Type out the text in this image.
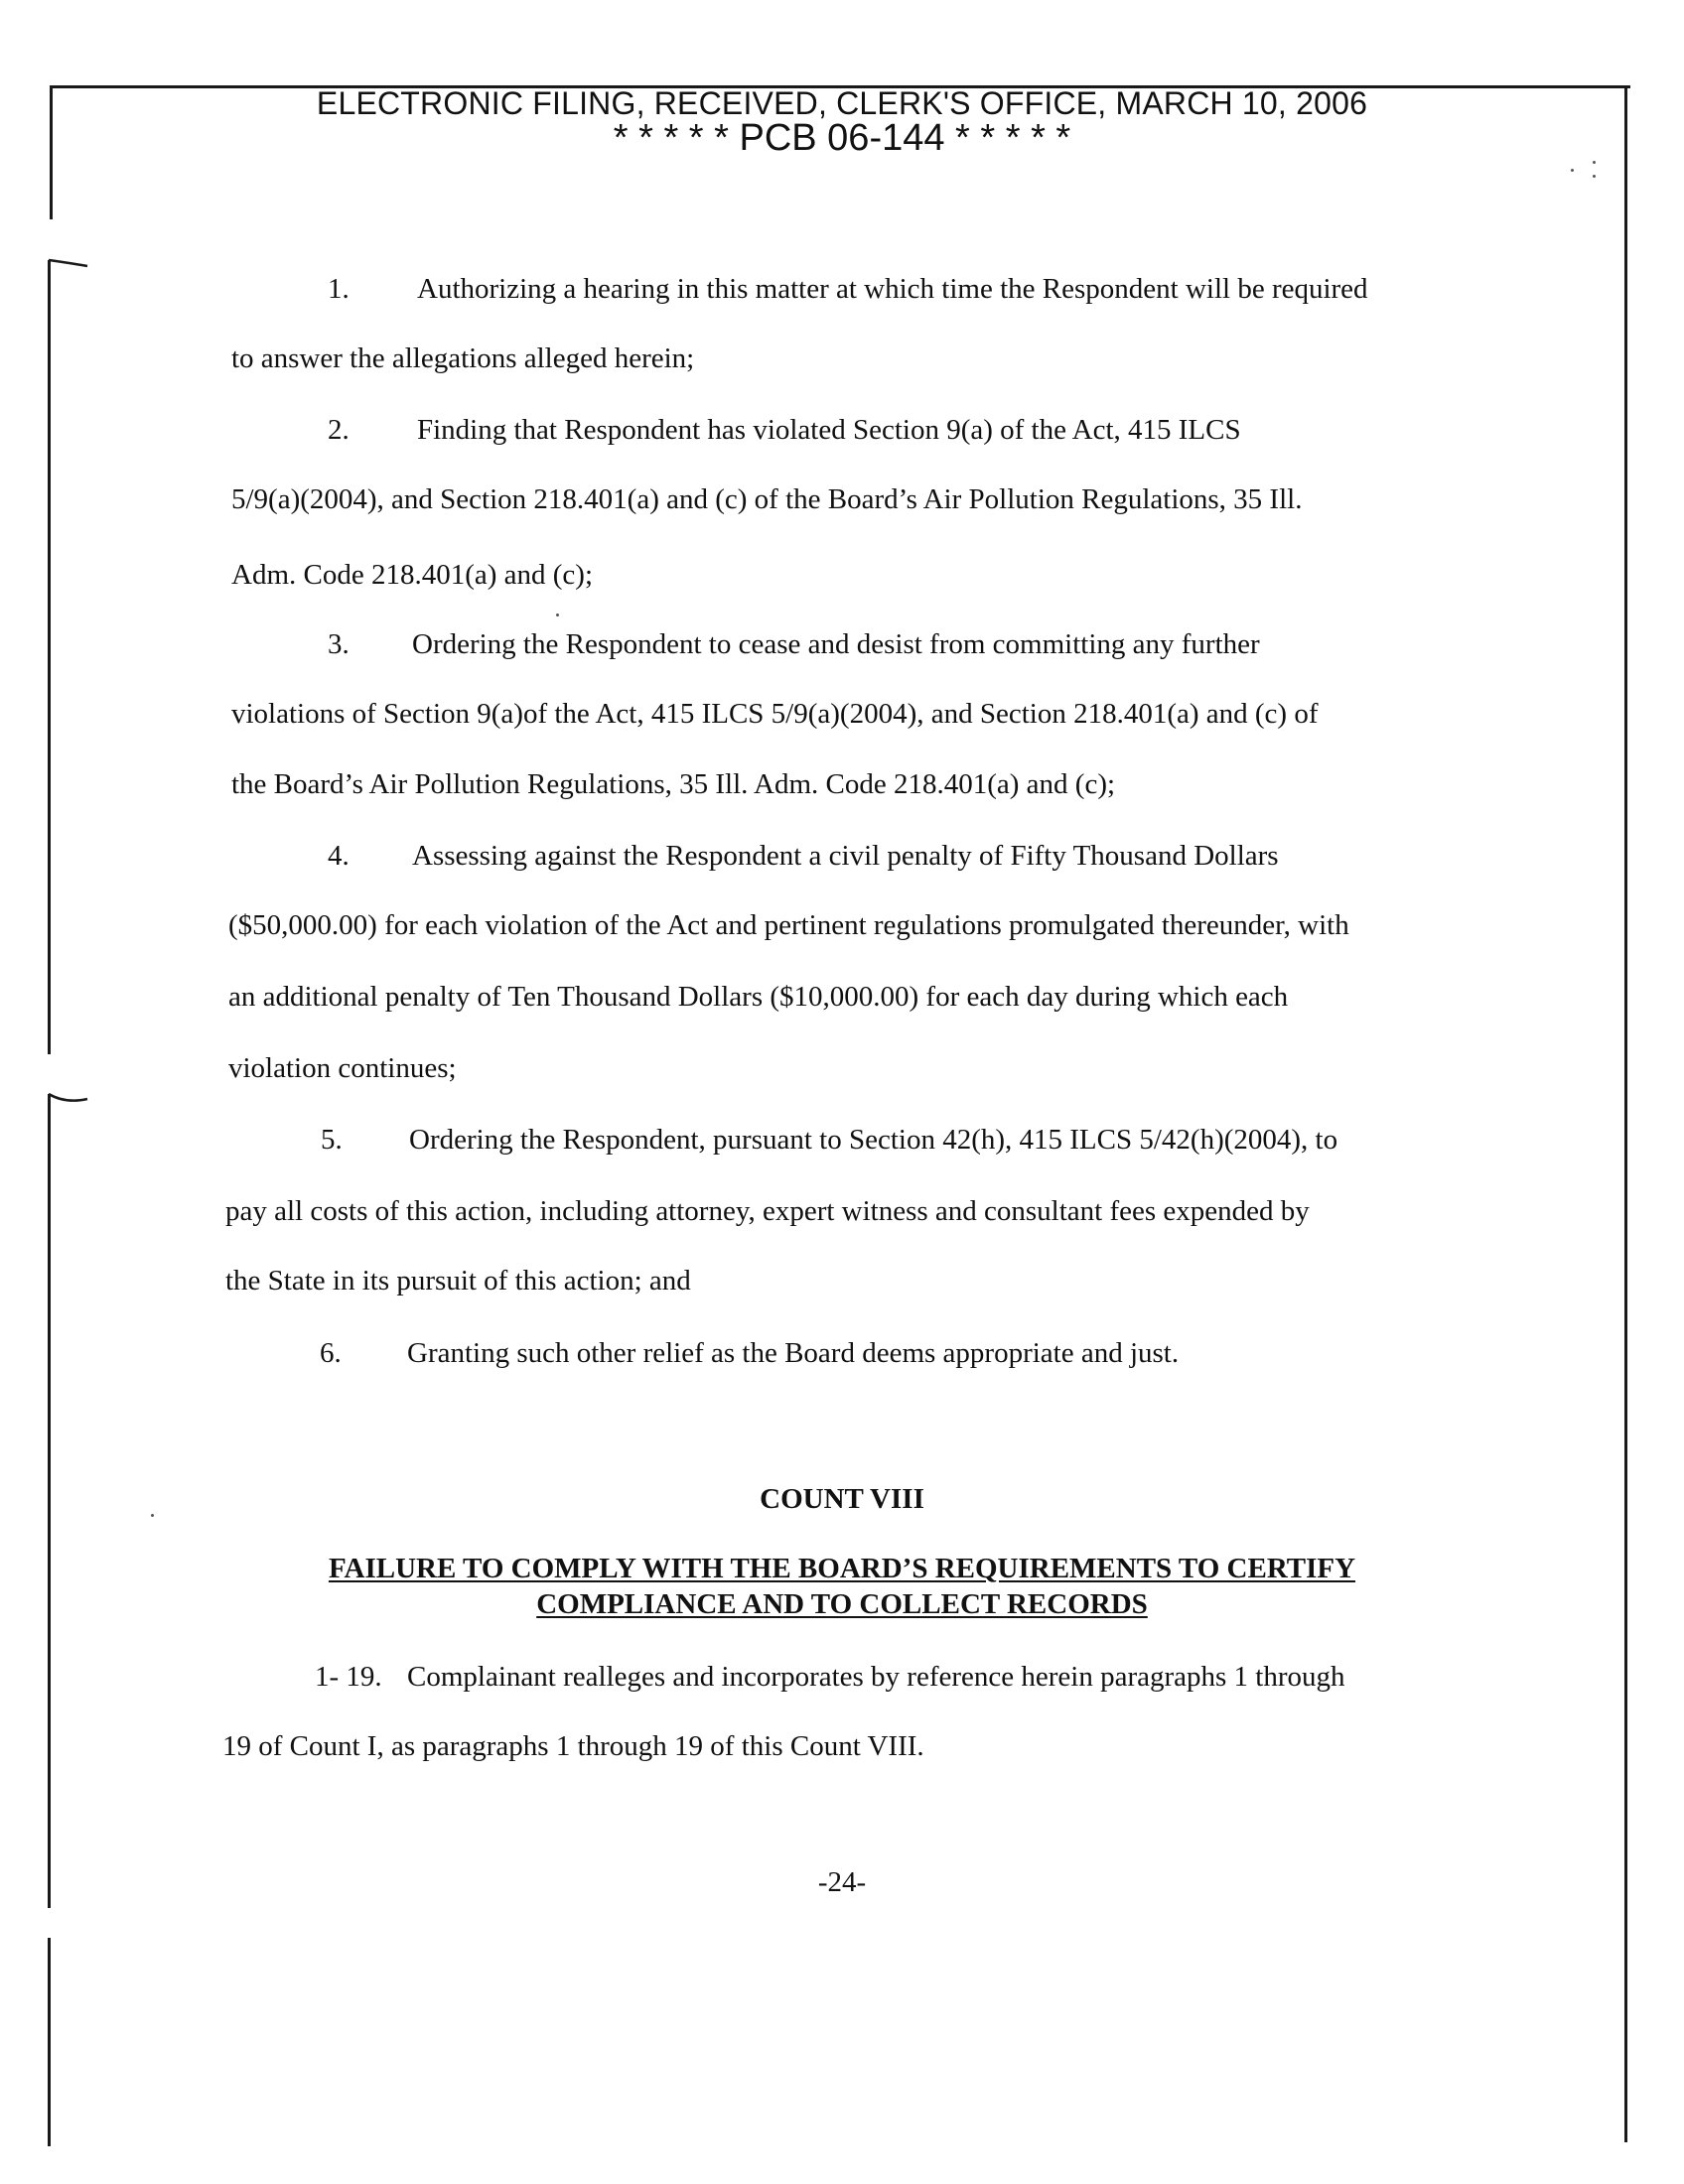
ELECTRONIC FILING, RECEIVED, CLERK'S OFFICE, MARCH 10, 2006
* * * * * PCB 06-144 * * * * *
1. Authorizing a hearing in this matter at which time the Respondent will be required
to answer the allegations alleged herein;
2. Finding that Respondent has violated Section 9(a) of the Act, 415 ILCS
5/9(a)(2004), and Section 218.401(a) and (c) of the Board’s Air Pollution Regulations, 35 Ill.
Adm. Code 218.401(a) and (c);
3. Ordering the Respondent to cease and desist from committing any further
violations of Section 9(a)of the Act, 415 ILCS 5/9(a)(2004), and Section 218.401(a) and (c) of
the Board’s Air Pollution Regulations, 35 Ill. Adm. Code 218.401(a) and (c);
4. Assessing against the Respondent a civil penalty of Fifty Thousand Dollars
($50,000.00) for each violation of the Act and pertinent regulations promulgated thereunder, with
an additional penalty of Ten Thousand Dollars ($10,000.00) for each day during which each
violation continues;
5. Ordering the Respondent, pursuant to Section 42(h), 415 ILCS 5/42(h)(2004), to
pay all costs of this action, including attorney, expert witness and consultant fees expended by
the State in its pursuit of this action; and
6. Granting such other relief as the Board deems appropriate and just.
COUNT VIII
FAILURE TO COMPLY WITH THE BOARD’S REQUIREMENTS TO CERTIFY
COMPLIANCE AND TO COLLECT RECORDS
1- 19. Complainant realleges and incorporates by reference herein paragraphs 1 through
19 of Count I, as paragraphs 1 through 19 of this Count VIII.
-24-
